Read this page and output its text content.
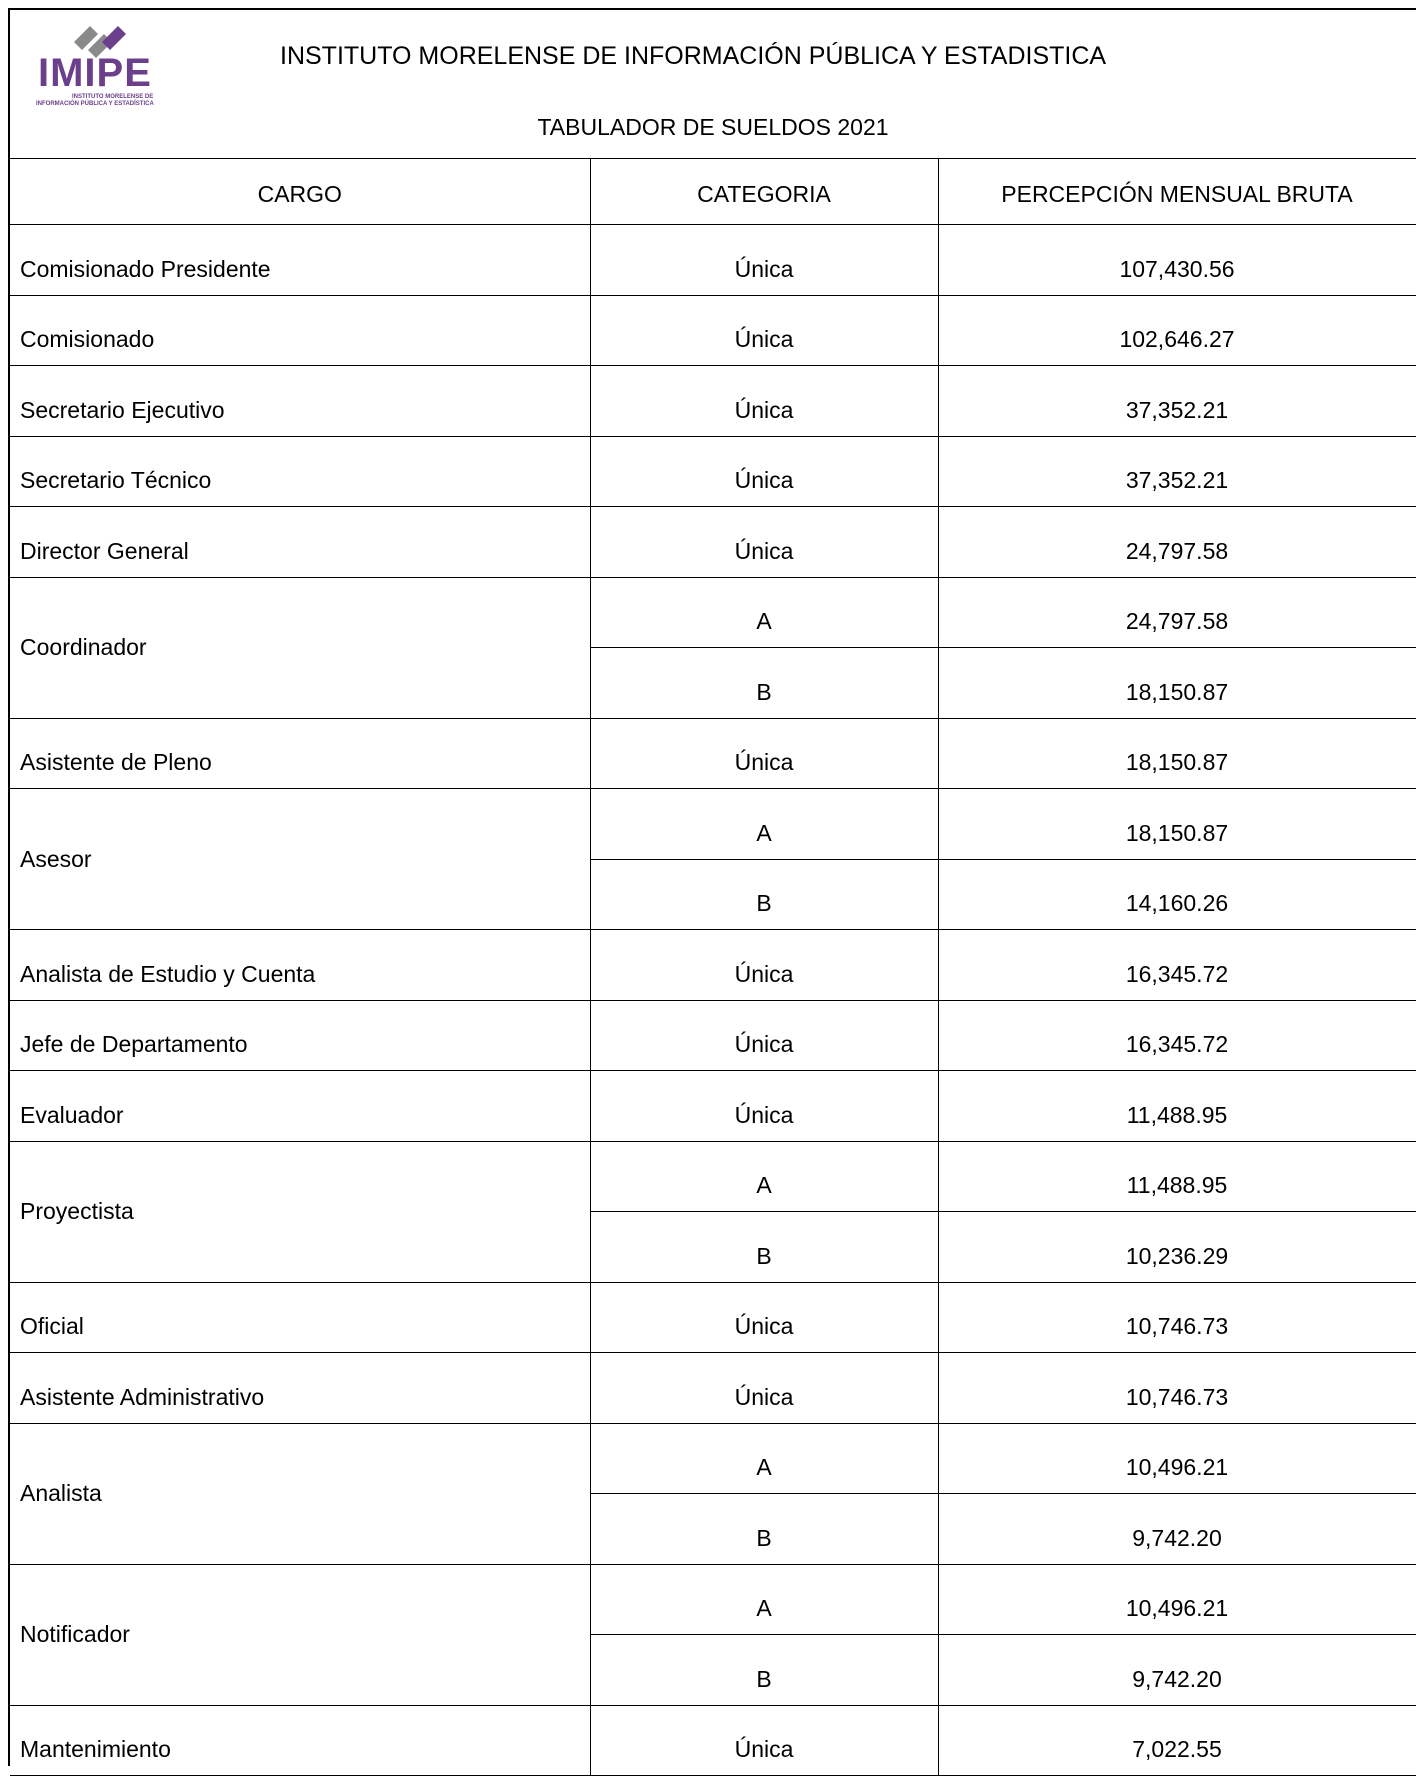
IMIPE
INSTITUTO MORELENSE DE
INFORMACIÓN PÚBLICA Y ESTADÍSTICA
INSTITUTO MORELENSE DE INFORMACIÓN PÚBLICA Y ESTADISTICA
TABULADOR DE SUELDOS 2021
CARGO	CATEGORIA	PERCEPCIÓN MENSUAL BRUTA
Comisionado Presidente	Única	107,430.56
Comisionado	Única	102,646.27
Secretario Ejecutivo	Única	37,352.21
Secretario Técnico	Única	37,352.21
Director General	Única	24,797.58
Coordinador	A	24,797.58
	B	18,150.87
Asistente de Pleno	Única	18,150.87
Asesor	A	18,150.87
	B	14,160.26
Analista de Estudio y Cuenta	Única	16,345.72
Jefe de Departamento	Única	16,345.72
Evaluador	Única	11,488.95
Proyectista	A	11,488.95
	B	10,236.29
Oficial	Única	10,746.73
Asistente Administrativo	Única	10,746.73
Analista	A	10,496.21
	B	9,742.20
Notificador	A	10,496.21
	B	9,742.20
Mantenimiento	Única	7,022.55
